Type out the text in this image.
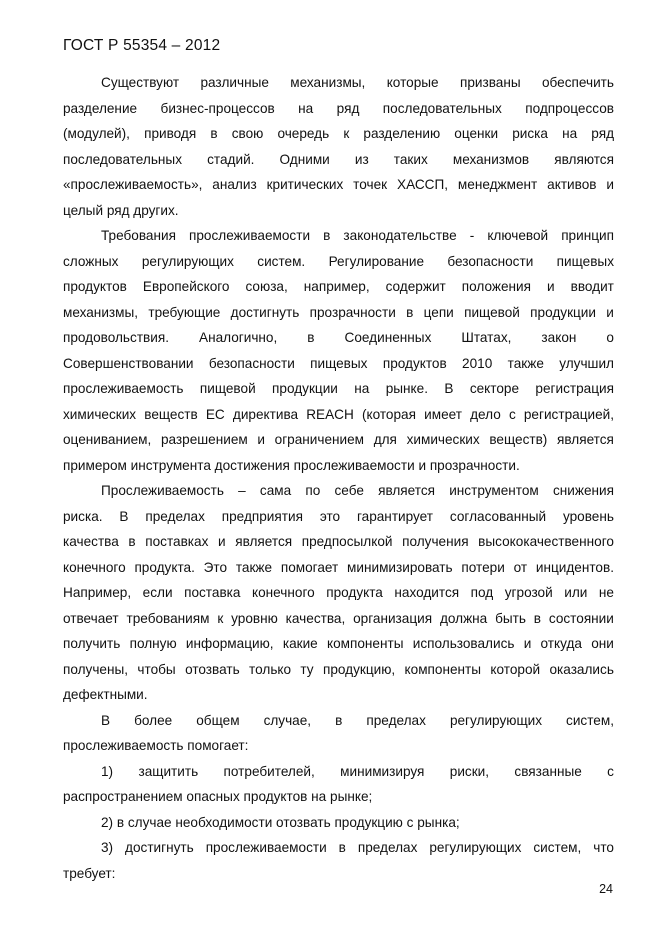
ГОСТ Р 55354 – 2012
Существуют различные механизмы, которые призваны обеспечить
разделение бизнес-процессов на ряд последовательных подпроцессов
(модулей), приводя в свою очередь к разделению оценки риска на ряд
последовательных стадий. Одними из таких механизмов являются
«прослеживаемость», анализ критических точек ХАССП, менеджмент активов и
целый ряд других.
Требования прослеживаемости в законодательстве - ключевой принцип
сложных регулирующих систем. Регулирование безопасности пищевых
продуктов Европейского союза, например, содержит положения и вводит
механизмы, требующие достигнуть прозрачности в цепи пищевой продукции и
продовольствия. Аналогично, в Соединенных Штатах, закон о
Совершенствовании безопасности пищевых продуктов 2010 также улучшил
прослеживаемость пищевой продукции на рынке. В секторе регистрация
химических веществ ЕС директива REACH (которая имеет дело с регистрацией,
оцениванием, разрешением и ограничением для химических веществ) является
примером инструмента достижения прослеживаемости и прозрачности.
Прослеживаемость – сама по себе является инструментом снижения
риска. В пределах предприятия это гарантирует согласованный уровень
качества в поставках и является предпосылкой получения высококачественного
конечного продукта. Это также помогает минимизировать потери от инцидентов.
Например, если поставка конечного продукта находится под угрозой или не
отвечает требованиям к уровню качества, организация должна быть в состоянии
получить полную информацию, какие компоненты использовались и откуда они
получены, чтобы отозвать только ту продукцию, компоненты которой оказались
дефектными.
В более общем случае, в пределах регулирующих систем,
прослеживаемость помогает:
1) защитить потребителей, минимизируя риски, связанные с
распространением опасных продуктов на рынке;
2) в случае необходимости отозвать продукцию с рынка;
3) достигнуть прослеживаемости в пределах регулирующих систем, что
требует:
24
